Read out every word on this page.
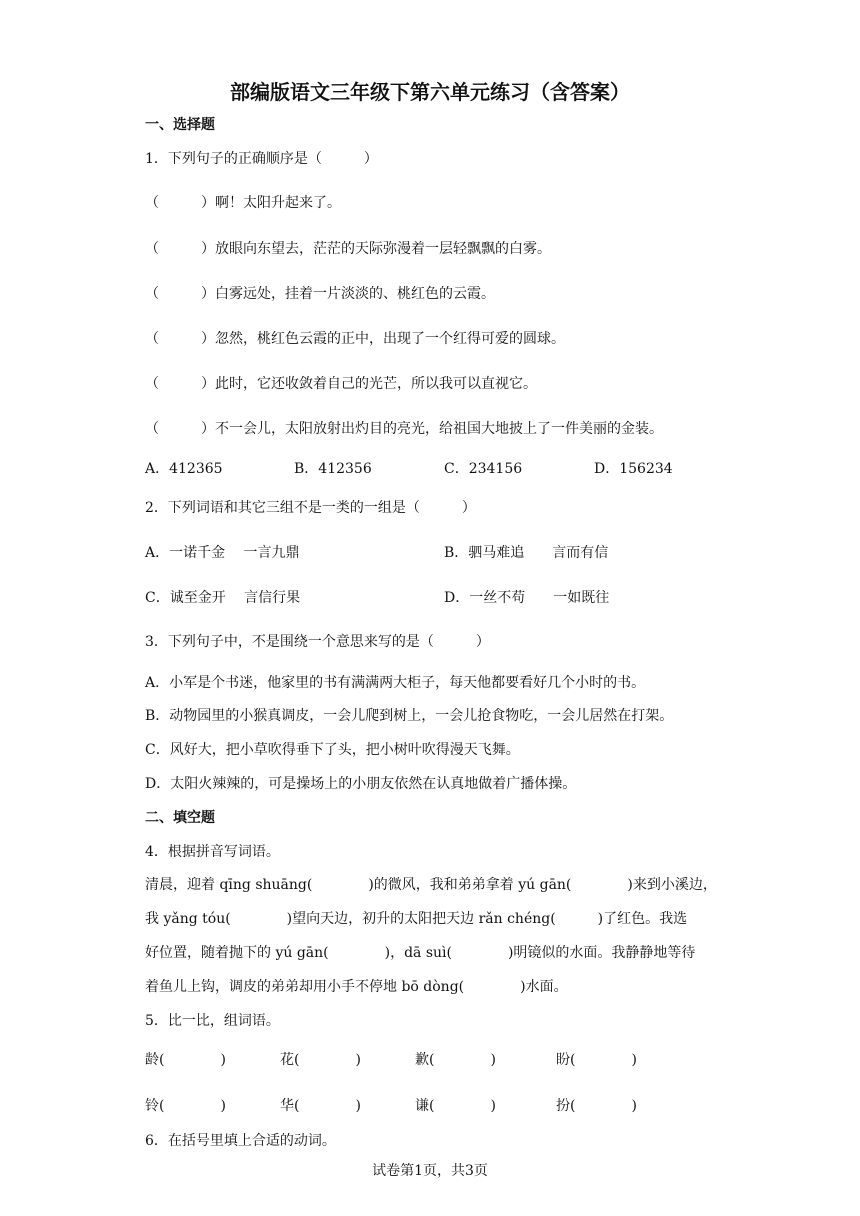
部编版语文三年级下第六单元练习（含答案）
一、选择题
1．下列句子的正确顺序是（　　　）
（　　　）啊！太阳升起来了。
（　　　）放眼向东望去，茫茫的天际弥漫着一层轻飘飘的白雾。
（　　　）白雾远处，挂着一片淡淡的、桃红色的云霞。
（　　　）忽然，桃红色云霞的正中，出现了一个红得可爱的圆球。
（　　　）此时，它还收敛着自己的光芒，所以我可以直视它。
（　　　）不一会儿，太阳放射出灼目的亮光，给祖国大地披上了一件美丽的金装。
A．412365	B．412356	C．234156	D．156234
2．下列词语和其它三组不是一类的一组是（　　　）
A．一诺千金　 一言九鼎	B．驷马难追　　言而有信
C．诚至金开　 言信行果	D．一丝不苟　　一如既往
3．下列句子中，不是围绕一个意思来写的是（　　　）
A．小军是个书迷，他家里的书有满满两大柜子，每天他都要看好几个小时的书。
B．动物园里的小猴真调皮，一会儿爬到树上，一会儿抢食物吃，一会儿居然在打架。
C．风好大，把小草吹得垂下了头，把小树叶吹得漫天飞舞。
D．太阳火辣辣的，可是操场上的小朋友依然在认真地做着广播体操。
二、填空题
4．根据拼音写词语。
清晨，迎着 qīng shuāng(　　　　)的微风，我和弟弟拿着 yú gān(　　　　)来到小溪边，
我 yǎng tóu(　　　　)望向天边，初升的太阳把天边 rǎn chéng(　　　)了红色。我选
好位置，随着抛下的 yú gān(　　　　)，dā suì(　　　　)明镜似的水面。我静静地等待
着鱼儿上钩，调皮的弟弟却用小手不停地 bō dòng(　　　　)水面。
5．比一比，组词语。
龄(　　　　)	花(　　　　)	歉(　　　　)	盼(　　　　)
铃(　　　　)	华(　　　　)	谦(　　　　)	扮(　　　　)
6．在括号里填上合适的动词。
试卷第1页，共3页
